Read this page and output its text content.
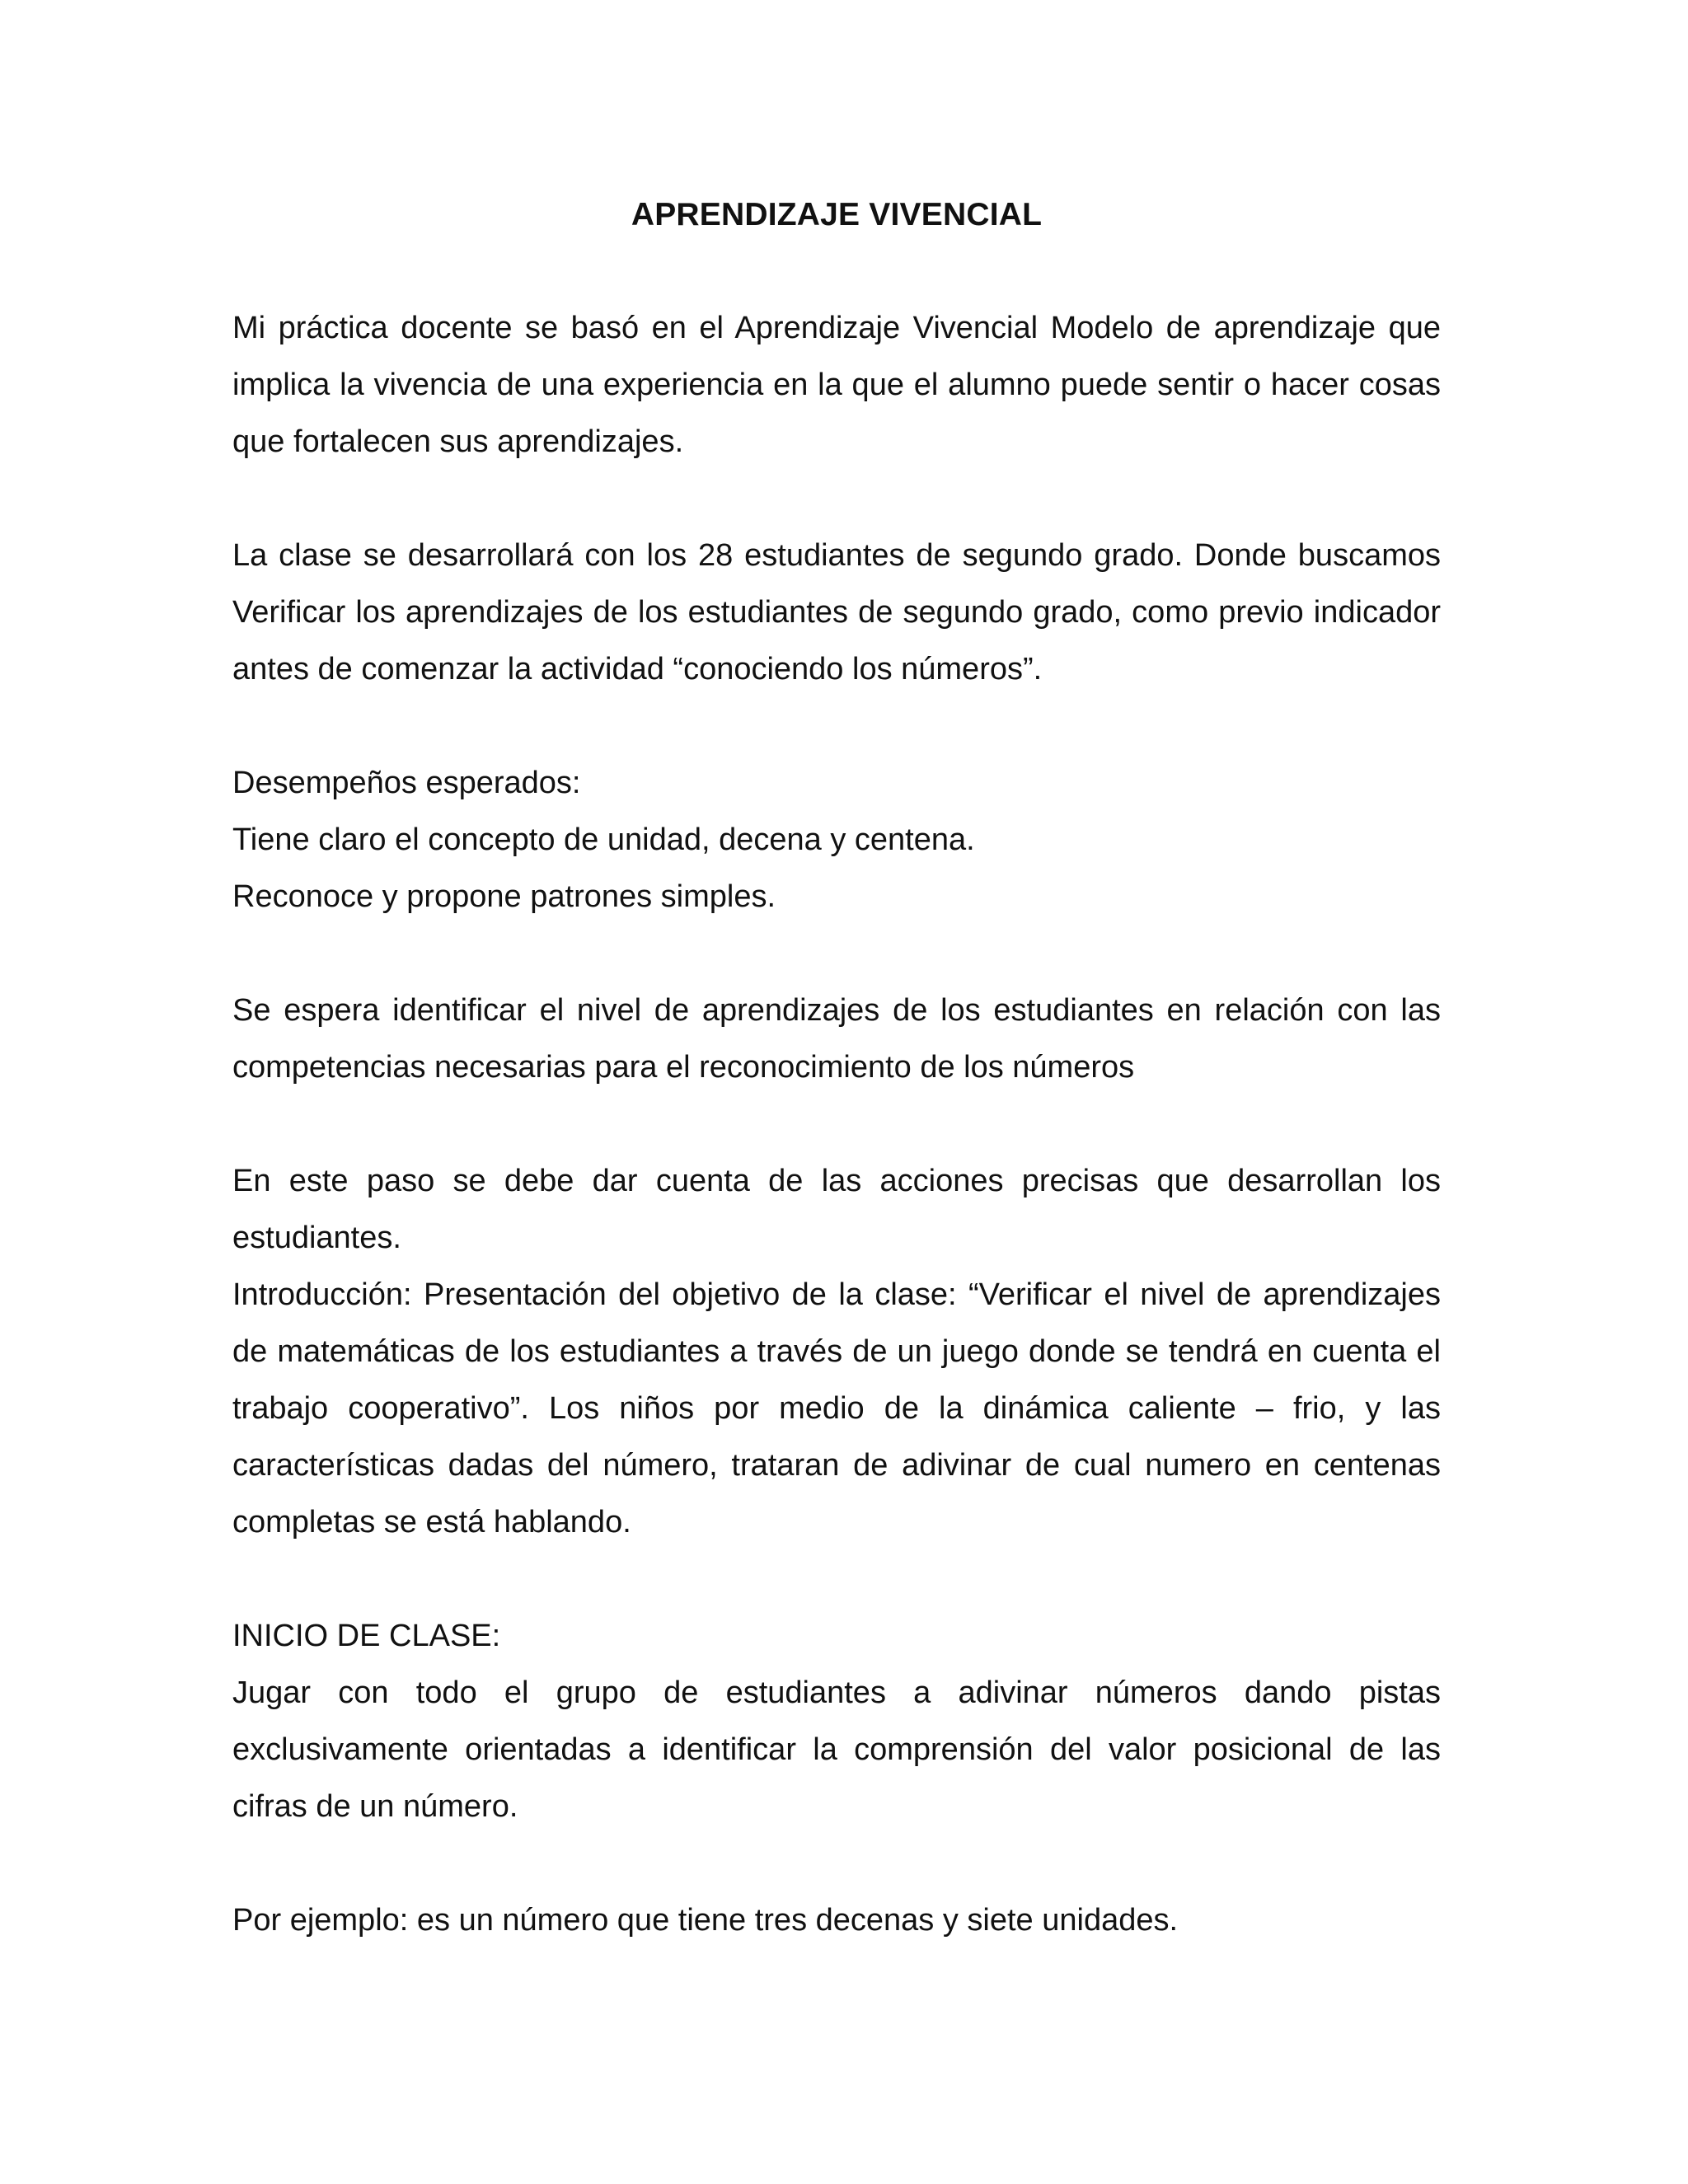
APRENDIZAJE VIVENCIAL

Mi práctica docente se basó en el Aprendizaje Vivencial Modelo de aprendizaje que implica la vivencia de una experiencia en la que el alumno puede sentir o hacer cosas que fortalecen sus aprendizajes.

La clase se desarrollará con los 28 estudiantes de segundo grado. Donde buscamos Verificar los aprendizajes de los estudiantes de segundo grado, como previo indicador antes de comenzar la actividad “conociendo los números”.

Desempeños esperados:
Tiene claro el concepto de unidad, decena y centena.
Reconoce y propone patrones simples.

Se espera identificar el nivel de aprendizajes de los estudiantes en relación con las competencias necesarias para el reconocimiento de los números

En este paso se debe dar cuenta de las acciones precisas que desarrollan los estudiantes.

Introducción: Presentación del objetivo de la clase: “Verificar el nivel de aprendizajes de matemáticas de los estudiantes a través de un juego donde se tendrá en cuenta el trabajo cooperativo”. Los niños por medio de la dinámica caliente – frio, y las características dadas del número, trataran de adivinar de cual numero en centenas completas se está hablando.

INICIO DE CLASE:

Jugar con todo el grupo de estudiantes a adivinar números dando pistas exclusivamente orientadas a identificar la comprensión del valor posicional de las cifras de un número.

Por ejemplo: es un número que tiene tres decenas y siete unidades.
